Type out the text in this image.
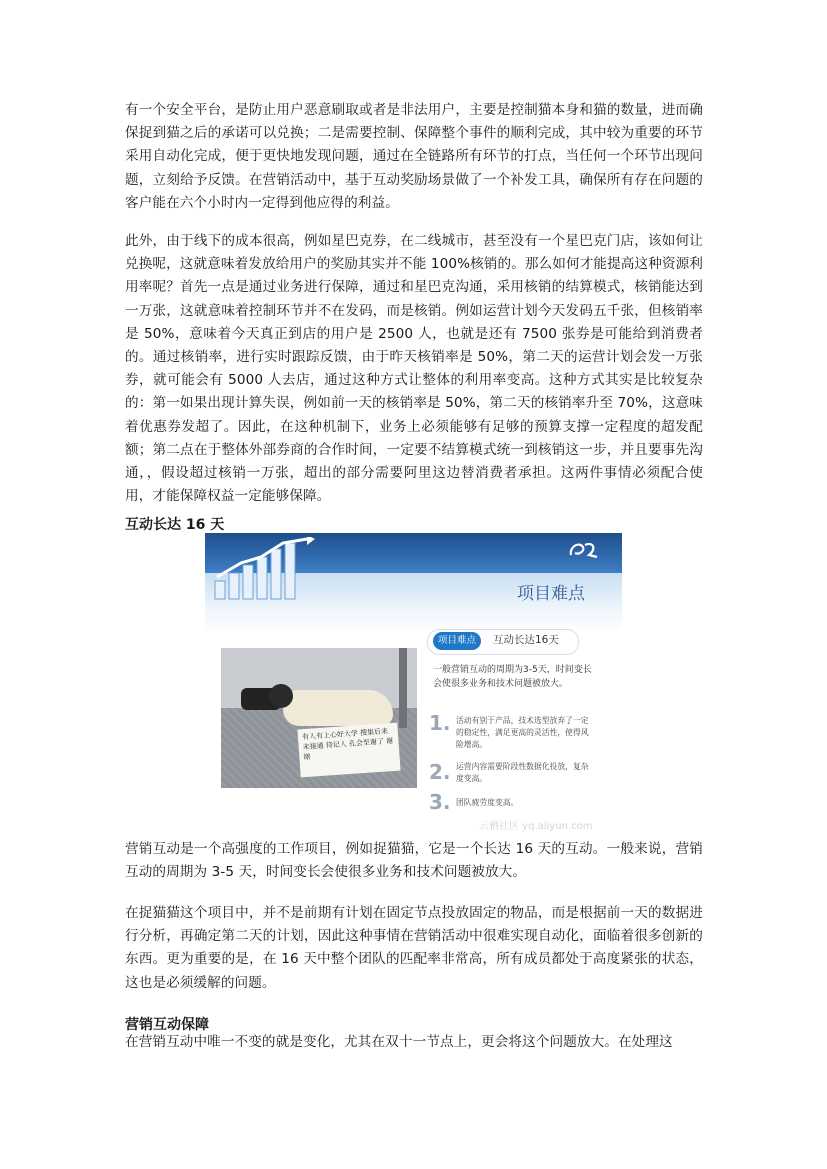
有一个安全平台，是防止用户恶意刷取或者是非法用户，主要是控制猫本身和猫的数量，进而确保捉到猫之后的承诺可以兑换；二是需要控制、保障整个事件的顺利完成，其中较为重要的环节采用自动化完成，便于更快地发现问题，通过在全链路所有环节的打点，当任何一个环节出现问题，立刻给予反馈。在营销活动中，基于互动奖励场景做了一个补发工具，确保所有存在问题的客户能在六个小时内一定得到他应得的利益。

此外，由于线下的成本很高，例如星巴克券，在二线城市，甚至没有一个星巴克门店，该如何让兑换呢，这就意味着发放给用户的奖励其实并不能 100%核销的。那么如何才能提高这种资源利用率呢？首先一点是通过业务进行保障，通过和星巴克沟通，采用核销的结算模式，核销能达到一万张，这就意味着控制环节并不在发码，而是核销。例如运营计划今天发码五千张，但核销率是 50%，意味着今天真正到店的用户是 2500 人，也就是还有 7500 张券是可能给到消费者的。通过核销率，进行实时跟踪反馈，由于昨天核销率是 50%，第二天的运营计划会发一万张券，就可能会有 5000 人去店，通过这种方式让整体的利用率变高。这种方式其实是比较复杂的：第一如果出现计算失误，例如前一天的核销率是 50%，第二天的核销率升至 70%，这意味着优惠券发超了。因此，在这种机制下，业务上必须能够有足够的预算支撑一定程度的超发配额；第二点在于整体外部券商的合作时间，一定要不结算模式统一到核销这一步，并且要事先沟通，，假设超过核销一万张，超出的部分需要阿里这边替消费者承担。这两件事情必须配合使用，才能保障权益一定能够保障。

互动长达 16 天

项目难点
有人有上心好大学 搜集后来未接通 待记人 孔会至谢了 谢谢
项目难点	互动长达16天
一般营销互动的周期为3-5天，时间变长会使很多业务和技术问题被放大。
1. 活动有别于产品，技术选型放弃了一定的稳定性，满足更高的灵活性，使得风险增高。
2. 运营内容需要阶段性数据化投放，复杂度变高。
3. 团队疲劳度变高。
云栖社区 yq.aliyun.com

营销互动是一个高强度的工作项目，例如捉猫猫，它是一个长达 16 天的互动。一般来说，营销互动的周期为 3-5 天，时间变长会使很多业务和技术问题被放大。

在捉猫猫这个项目中，并不是前期有计划在固定节点投放固定的物品，而是根据前一天的数据进行分析，再确定第二天的计划，因此这种事情在营销活动中很难实现自动化，面临着很多创新的东西。更为重要的是，在 16 天中整个团队的匹配率非常高，所有成员都处于高度紧张的状态，这也是必须缓解的问题。

营销互动保障

在营销互动中唯一不变的就是变化，尤其在双十一节点上，更会将这个问题放大。在处理这
